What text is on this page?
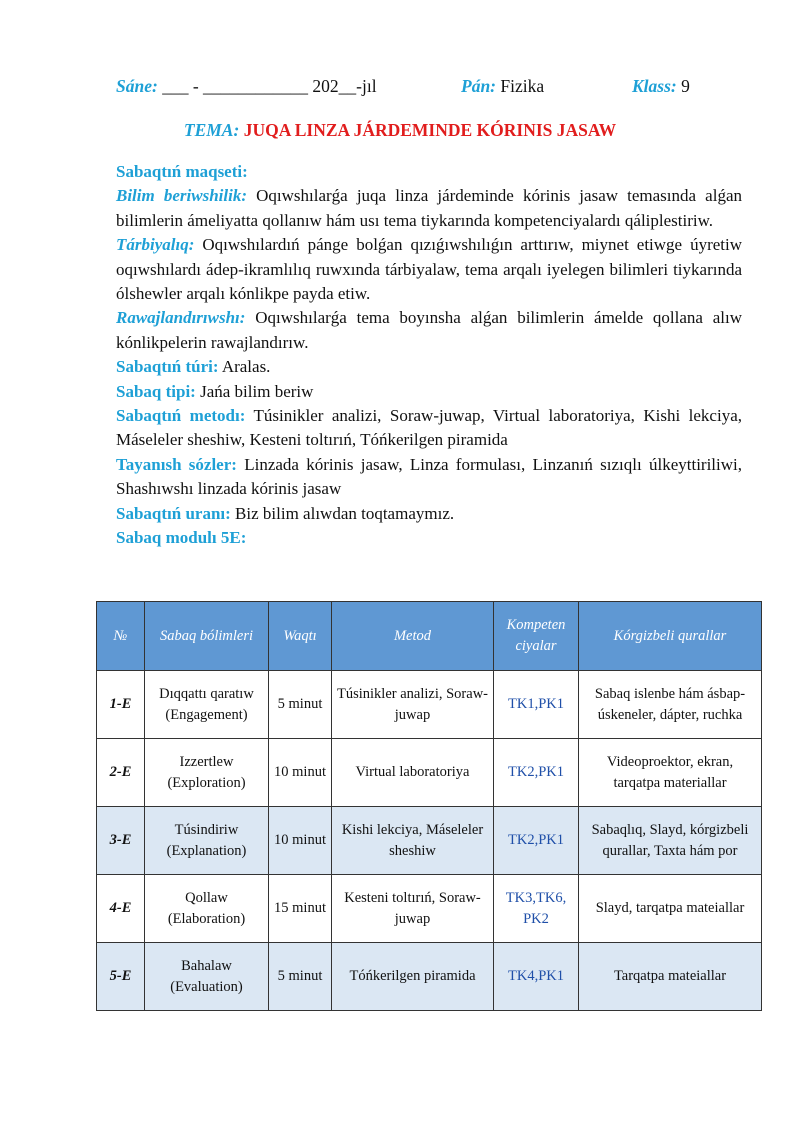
Sáne: ___ - ____________ 202__-jıl	Pán: Fizika	Klass: 9
TEMA: JUQA LINZA JÁRDEMINDE KÓRINIS JASAW

Sabaqtıń maqseti:

Bilim beriwshilik: Oqıwshılarǵa juqa linza járdeminde kórinis jasaw temasında alǵan bilimlerin ámeliyatta qollanıw hám usı tema tiykarında kompetenciyalardı qáliplestiriw.

Tárbiyalıq: Oqıwshılardıń pánge bolǵan qızıǵıwshılıǵın arttırıw, miynet etiwge úyretiw oqıwshılardı ádep-ikramlılıq ruwxında tárbiyalaw, tema arqalı iyelegen bilimleri tiykarında ólshewler arqalı kónlikpe payda etiw.

Rawajlandırıwshı: Oqıwshılarǵa tema boyınsha alǵan bilimlerin ámelde qollana alıw kónlikpelerin rawajlandırıw.

Sabaqtıń túri: Aralas.

Sabaq tipi: Jańa bilim beriw

Sabaqtıń metodı: Túsinikler analizi, Soraw-juwap, Virtual laboratoriya, Kishi lekciya, Máseleler sheshiw, Kesteni toltırıń, Tóńkerilgen piramida

Tayanısh sózler: Linzada kórinis jasaw, Linza formulası, Linzanıń sızıqlı úlkeyttiriliwi, Shashıwshı linzada kórinis jasaw

Sabaqtıń uranı: Biz bilim alıwdan toqtamaymız.

Sabaq modulı 5E:

№	Sabaq bólimleri	Waqtı	Metod	Kompeten ciyalar	Kórgizbeli qurallar
1-E	Dıqqattı qaratıw (Engagement)	5 minut	Túsinikler analizi, Soraw-juwap	TK1,PK1	Sabaq islenbe hám ásbap-úskeneler, dápter, ruchka
2-E	Izzertlew (Exploration)	10 minut	Virtual laboratoriya	TK2,PK1	Videoproektor, ekran, tarqatpa materiallar
3-E	Túsindiriw (Explanation)	10 minut	Kishi lekciya, Máseleler sheshiw	TK2,PK1	Sabaqlıq, Slayd, kórgizbeli qurallar, Taxta hám por
4-E	Qollaw (Elaboration)	15 minut	Kesteni toltırıń, Soraw-juwap	TK3,TK6, PK2	Slayd, tarqatpa mateiallar
5-E	Bahalaw (Evaluation)	5 minut	Tóńkerilgen piramida	TK4,PK1	Tarqatpa mateiallar
